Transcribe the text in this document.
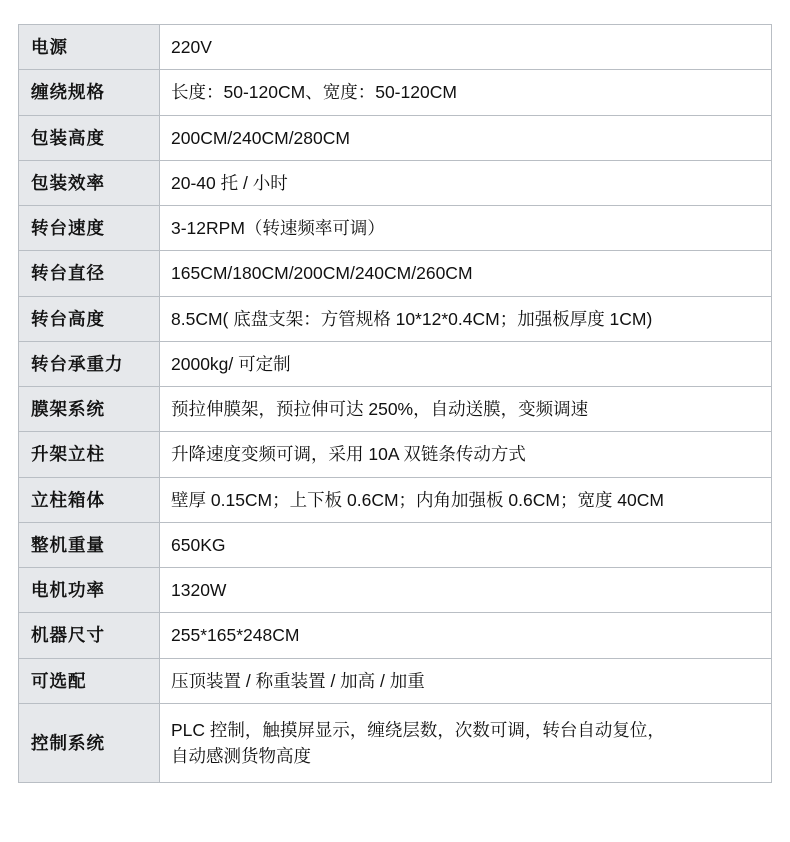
电源	220V
缠绕规格	长度：50-120CM、宽度：50-120CM
包装高度	200CM/240CM/280CM
包装效率	20-40 托 / 小时
转台速度	3-12RPM（转速频率可调）
转台直径	165CM/180CM/200CM/240CM/260CM
转台高度	8.5CM( 底盘支架：方管规格 10*12*0.4CM；加强板厚度 1CM)
转台承重力	2000kg/ 可定制
膜架系统	预拉伸膜架，预拉伸可达 250%，自动送膜，变频调速
升架立柱	升降速度变频可调，采用 10A 双链条传动方式
立柱箱体	壁厚 0.15CM；上下板 0.6CM；内角加强板 0.6CM；宽度 40CM
整机重量	650KG
电机功率	1320W
机器尺寸	255*165*248CM
可选配	压顶装置 / 称重装置 / 加高 / 加重
控制系统	PLC 控制，触摸屏显示，缠绕层数，次数可调，转台自动复位，
自动感测货物高度
